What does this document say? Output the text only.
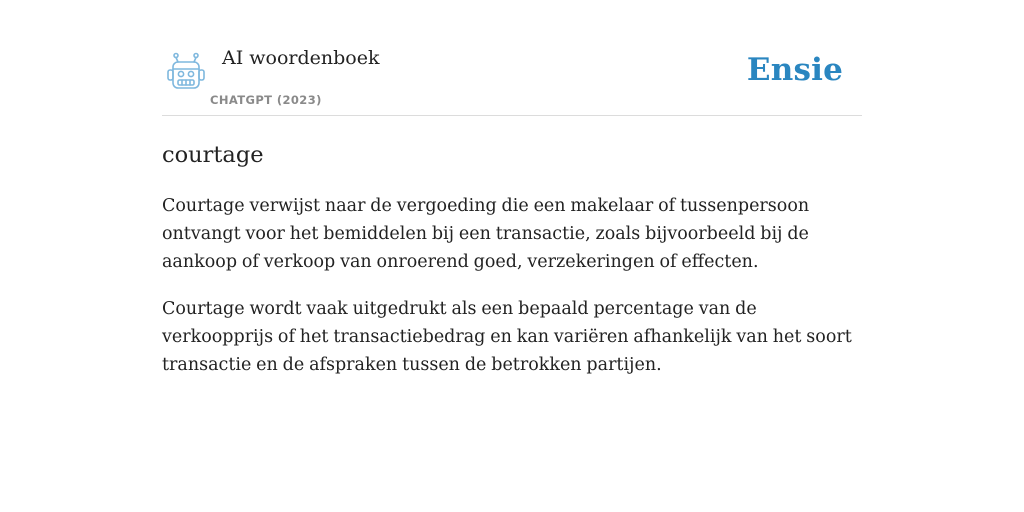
AI woordenboek
CHATGPT (2023)
Ensie
courtage

Courtage verwijst naar de vergoeding die een makelaar of tussenpersoon ontvangt voor het bemiddelen bij een transactie, zoals bijvoorbeeld bij de aankoop of verkoop van onroerend goed, verzekeringen of effecten.

Courtage wordt vaak uitgedrukt als een bepaald percentage van de verkoopprijs of het transactiebedrag en kan variëren afhankelijk van het soort transactie en de afspraken tussen de betrokken partijen.
